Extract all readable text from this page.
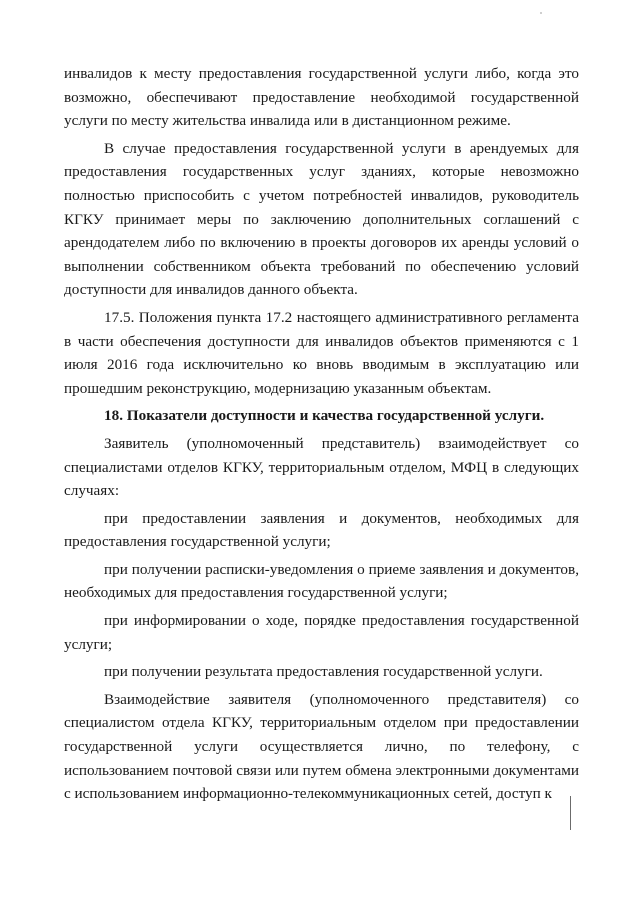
инвалидов к месту предоставления государственной услуги либо, когда это возможно, обеспечивают предоставление необходимой государственной услуги по месту жительства инвалида или в дистанционном режиме.

В случае предоставления государственной услуги в арендуемых для предоставления государственных услуг зданиях, которые невозможно полностью приспособить с учетом потребностей инвалидов, руководитель КГКУ принимает меры по заключению дополнительных соглашений с арендодателем либо по включению в проекты договоров их аренды условий о выполнении собственником объекта требований по обеспечению условий доступности для инвалидов данного объекта.

17.5. Положения пункта 17.2 настоящего административного регламента в части обеспечения доступности для инвалидов объектов применяются с 1 июля 2016 года исключительно ко вновь вводимым в эксплуатацию или прошедшим реконструкцию, модернизацию указанным объектам.

18. Показатели доступности и качества государственной услуги.

Заявитель (уполномоченный представитель) взаимодействует со специалистами отделов КГКУ, территориальным отделом, МФЦ в следующих случаях:

при предоставлении заявления и документов, необходимых для предоставления государственной услуги;

при получении расписки-уведомления о приеме заявления и документов, необходимых для предоставления государственной услуги;

при информировании о ходе, порядке предоставления государственной услуги;

при получении результата предоставления государственной услуги.

Взаимодействие заявителя (уполномоченного представителя) со специалистом отдела КГКУ, территориальным отделом при предоставлении государственной услуги осуществляется лично, по телефону, с использованием почтовой связи или путем обмена электронными документами с использованием информационно-телекоммуникационных сетей, доступ к
